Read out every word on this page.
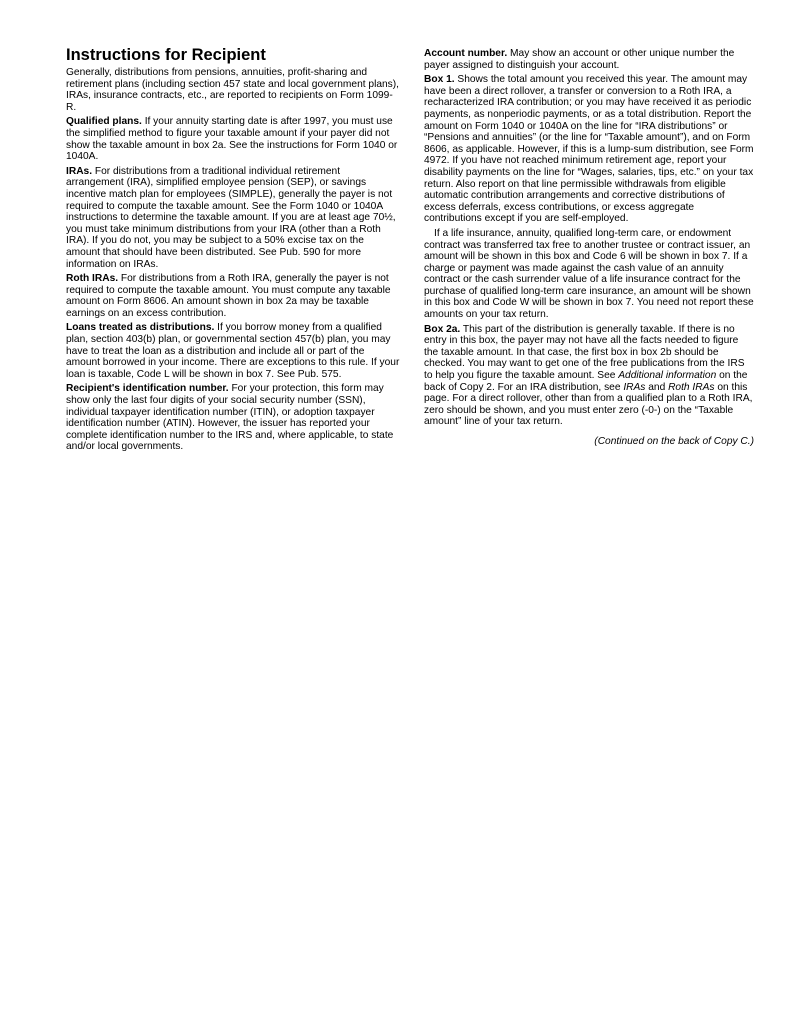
Instructions for Recipient

Generally, distributions from pensions, annuities, profit-sharing and retirement plans (including section 457 state and local government plans), IRAs, insurance contracts, etc., are reported to recipients on Form 1099-R.

Qualified plans. If your annuity starting date is after 1997, you must use the simplified method to figure your taxable amount if your payer did not show the taxable amount in box 2a. See the instructions for Form 1040 or 1040A.

IRAs. For distributions from a traditional individual retirement arrangement (IRA), simplified employee pension (SEP), or savings incentive match plan for employees (SIMPLE), generally the payer is not required to compute the taxable amount. See the Form 1040 or 1040A instructions to determine the taxable amount. If you are at least age 70½, you must take minimum distributions from your IRA (other than a Roth IRA). If you do not, you may be subject to a 50% excise tax on the amount that should have been distributed. See Pub. 590 for more information on IRAs.

Roth IRAs. For distributions from a Roth IRA, generally the payer is not required to compute the taxable amount. You must compute any taxable amount on Form 8606. An amount shown in box 2a may be taxable earnings on an excess contribution.

Loans treated as distributions. If you borrow money from a qualified plan, section 403(b) plan, or governmental section 457(b) plan, you may have to treat the loan as a distribution and include all or part of the amount borrowed in your income. There are exceptions to this rule. If your loan is taxable, Code L will be shown in box 7. See Pub. 575.

Recipient's identification number. For your protection, this form may show only the last four digits of your social security number (SSN), individual taxpayer identification number (ITIN), or adoption taxpayer identification number (ATIN). However, the issuer has reported your complete identification number to the IRS and, where applicable, to state and/or local governments.

Account number. May show an account or other unique number the payer assigned to distinguish your account.

Box 1. Shows the total amount you received this year. The amount may have been a direct rollover, a transfer or conversion to a Roth IRA, a recharacterized IRA contribution; or you may have received it as periodic payments, as nonperiodic payments, or as a total distribution. Report the amount on Form 1040 or 1040A on the line for “IRA distributions” or “Pensions and annuities” (or the line for “Taxable amount”), and on Form 8606, as applicable. However, if this is a lump-sum distribution, see Form 4972. If you have not reached minimum retirement age, report your disability payments on the line for “Wages, salaries, tips, etc.” on your tax return. Also report on that line permissible withdrawals from eligible automatic contribution arrangements and corrective distributions of excess deferrals, excess contributions, or excess aggregate contributions except if you are self-employed.

If a life insurance, annuity, qualified long-term care, or endowment contract was transferred tax free to another trustee or contract issuer, an amount will be shown in this box and Code 6 will be shown in box 7. If a charge or payment was made against the cash value of an annuity contract or the cash surrender value of a life insurance contract for the purchase of qualified long-term care insurance, an amount will be shown in this box and Code W will be shown in box 7. You need not report these amounts on your tax return.

Box 2a. This part of the distribution is generally taxable. If there is no entry in this box, the payer may not have all the facts needed to figure the taxable amount. In that case, the first box in box 2b should be checked. You may want to get one of the free publications from the IRS to help you figure the taxable amount. See Additional information on the back of Copy 2. For an IRA distribution, see IRAs and Roth IRAs on this page. For a direct rollover, other than from a qualified plan to a Roth IRA, zero should be shown, and you must enter zero (-0-) on the “Taxable amount” line of your tax return.

(Continued on the back of Copy C.)
